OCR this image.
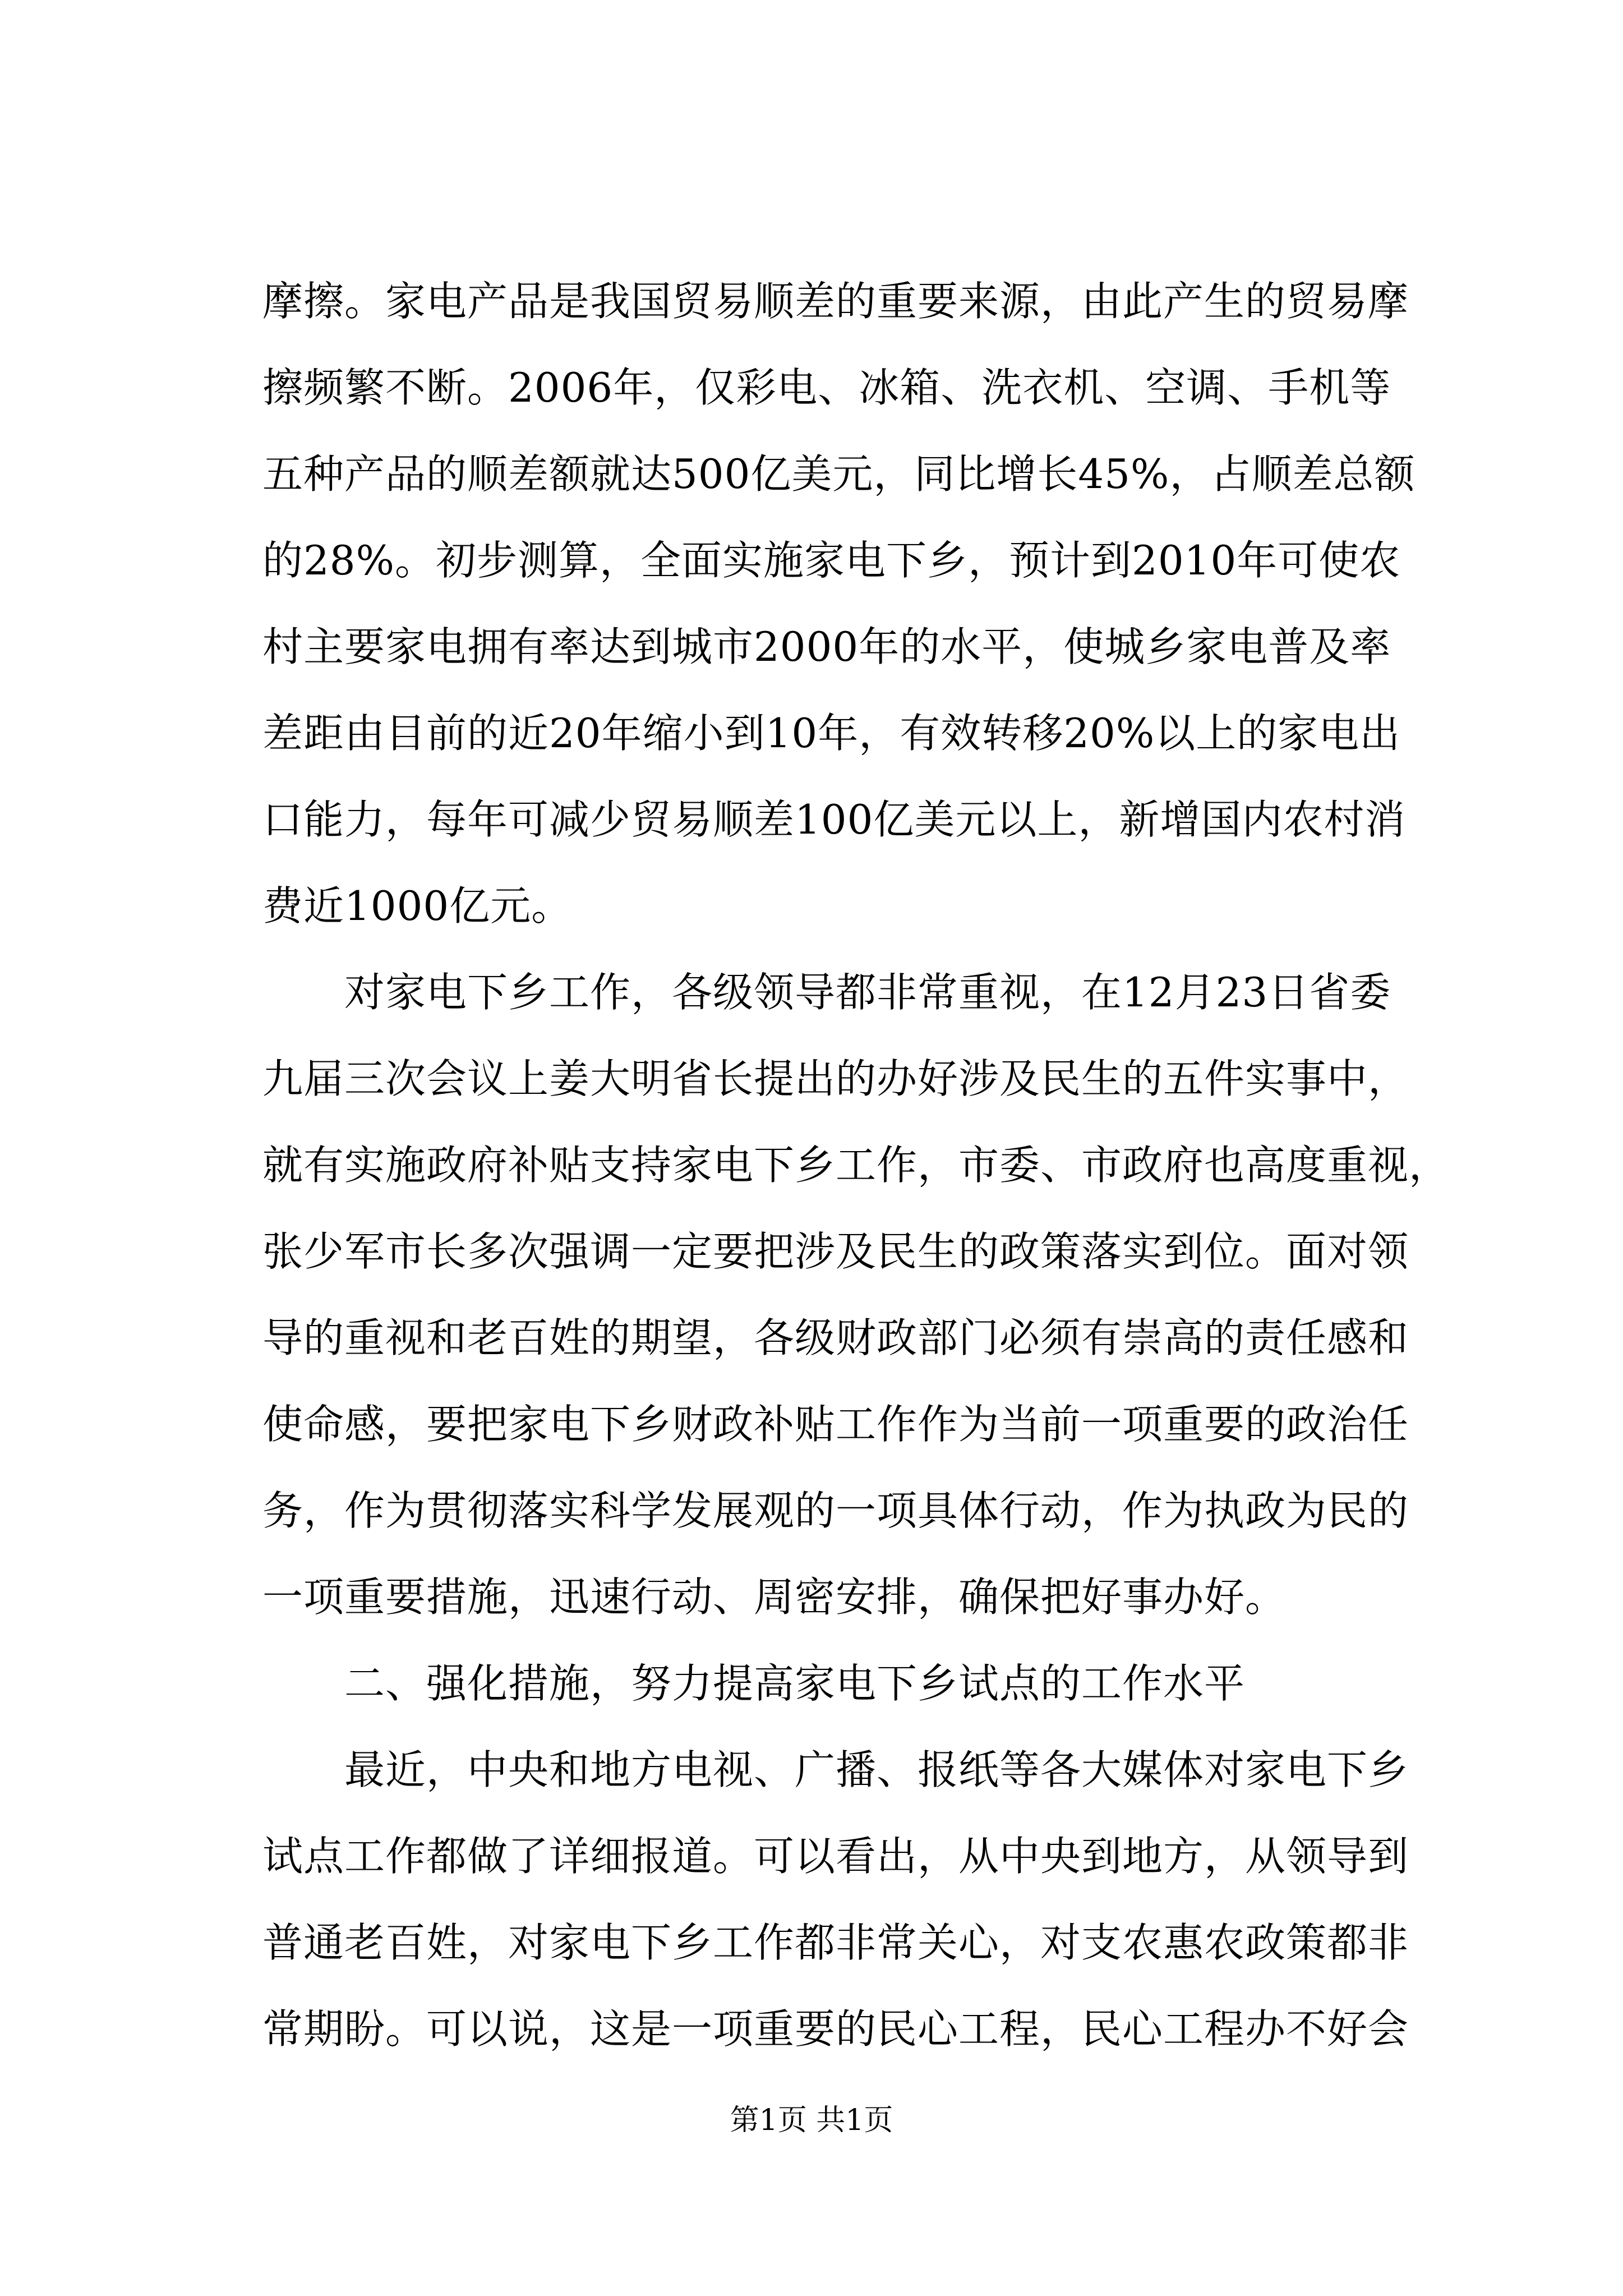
摩擦。家电产品是我国贸易顺差的重要来源，由此产生的贸易摩
擦频繁不断。2006年，仅彩电、冰箱、洗衣机、空调、手机等
五种产品的顺差额就达500亿美元，同比增长45%，占顺差总额
的28%。初步测算，全面实施家电下乡，预计到2010年可使农
村主要家电拥有率达到城市2000年的水平，使城乡家电普及率
差距由目前的近20年缩小到10年，有效转移20%以上的家电出
口能力，每年可减少贸易顺差100亿美元以上，新增国内农村消
费近1000亿元。
　　对家电下乡工作，各级领导都非常重视，在12月23日省委
九届三次会议上姜大明省长提出的办好涉及民生的五件实事中，
就有实施政府补贴支持家电下乡工作，市委、市政府也高度重视，
张少军市长多次强调一定要把涉及民生的政策落实到位。面对领
导的重视和老百姓的期望，各级财政部门必须有崇高的责任感和
使命感，要把家电下乡财政补贴工作作为当前一项重要的政治任
务，作为贯彻落实科学发展观的一项具体行动，作为执政为民的
一项重要措施，迅速行动、周密安排，确保把好事办好。
　　二、强化措施，努力提高家电下乡试点的工作水平
　　最近，中央和地方电视、广播、报纸等各大媒体对家电下乡
试点工作都做了详细报道。可以看出，从中央到地方，从领导到
普通老百姓，对家电下乡工作都非常关心，对支农惠农政策都非
常期盼。可以说，这是一项重要的民心工程，民心工程办不好会
第1页 共1页
